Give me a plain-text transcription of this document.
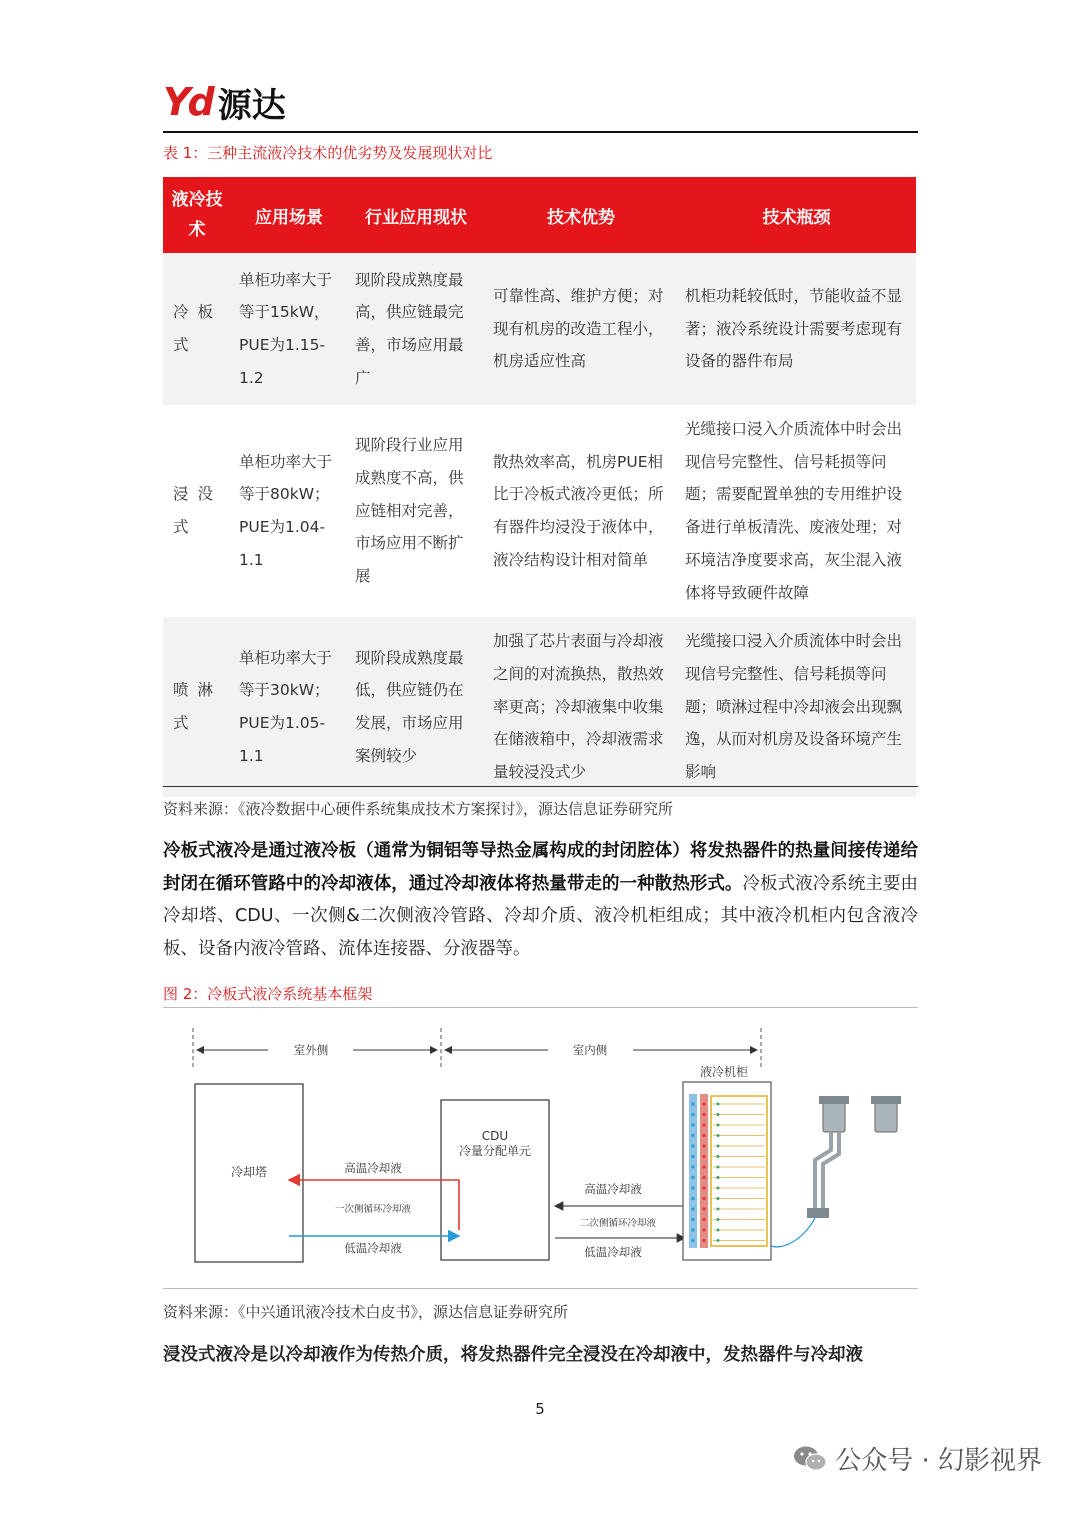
Yd 源达
表 1：三种主流液冷技术的优劣势及发展现状对比
液冷技术	应用场景	行业应用现状	技术优势	技术瓶颈
冷板式	单柜功率大于等于15kW，PUE为1.15-1.2	现阶段成熟度最高，供应链最完善，市场应用最广	可靠性高、维护方便；对现有机房的改造工程小，机房适应性高	机柜功耗较低时，节能收益不显著；液冷系统设计需要考虑现有设备的器件布局
浸没式	单柜功率大于等于80kW；PUE为1.04-1.1	现阶段行业应用成熟度不高，供应链相对完善，市场应用不断扩展	散热效率高，机房PUE相比于冷板式液冷更低；所有器件均浸没于液体中，液冷结构设计相对简单	光缆接口浸入介质流体中时会出现信号完整性、信号耗损等问题；需要配置单独的专用维护设备进行单板清洗、废液处理；对环境洁净度要求高，灰尘混入液体将导致硬件故障
喷淋式	单柜功率大于等于30kW；PUE为1.05-1.1	现阶段成熟度最低，供应链仍在发展，市场应用案例较少	加强了芯片表面与冷却液之间的对流换热，散热效率更高；冷却液集中收集在储液箱中，冷却液需求量较浸没式少	光缆接口浸入介质流体中时会出现信号完整性、信号耗损等问题；喷淋过程中冷却液会出现飘逸，从而对机房及设备环境产生影响
资料来源：《液冷数据中心硬件系统集成技术方案探讨》，源达信息证券研究所
冷板式液冷是通过液冷板（通常为铜铝等导热金属构成的封闭腔体）将发热器件的热量间接传递给封闭在循环管路中的冷却液体，通过冷却液体将热量带走的一种散热形式。冷板式液冷系统主要由冷却塔、CDU、一次侧&二次侧液冷管路、冷却介质、液冷机柜组成；其中液冷机柜内包含液冷板、设备内液冷管路、流体连接器、分液器等。
图 2：冷板式液冷系统基本框架
室外侧	室内侧
冷却塔
CDU
冷量分配单元
高温冷却液
一次侧循环冷却液
低温冷却液
高温冷却液
二次侧循环冷却液
低温冷却液
液冷机柜
资料来源：《中兴通讯液冷技术白皮书》，源达信息证券研究所
浸没式液冷是以冷却液作为传热介质，将发热器件完全浸没在冷却液中，发热器件与冷却液
5
公众号 · 幻影视界
